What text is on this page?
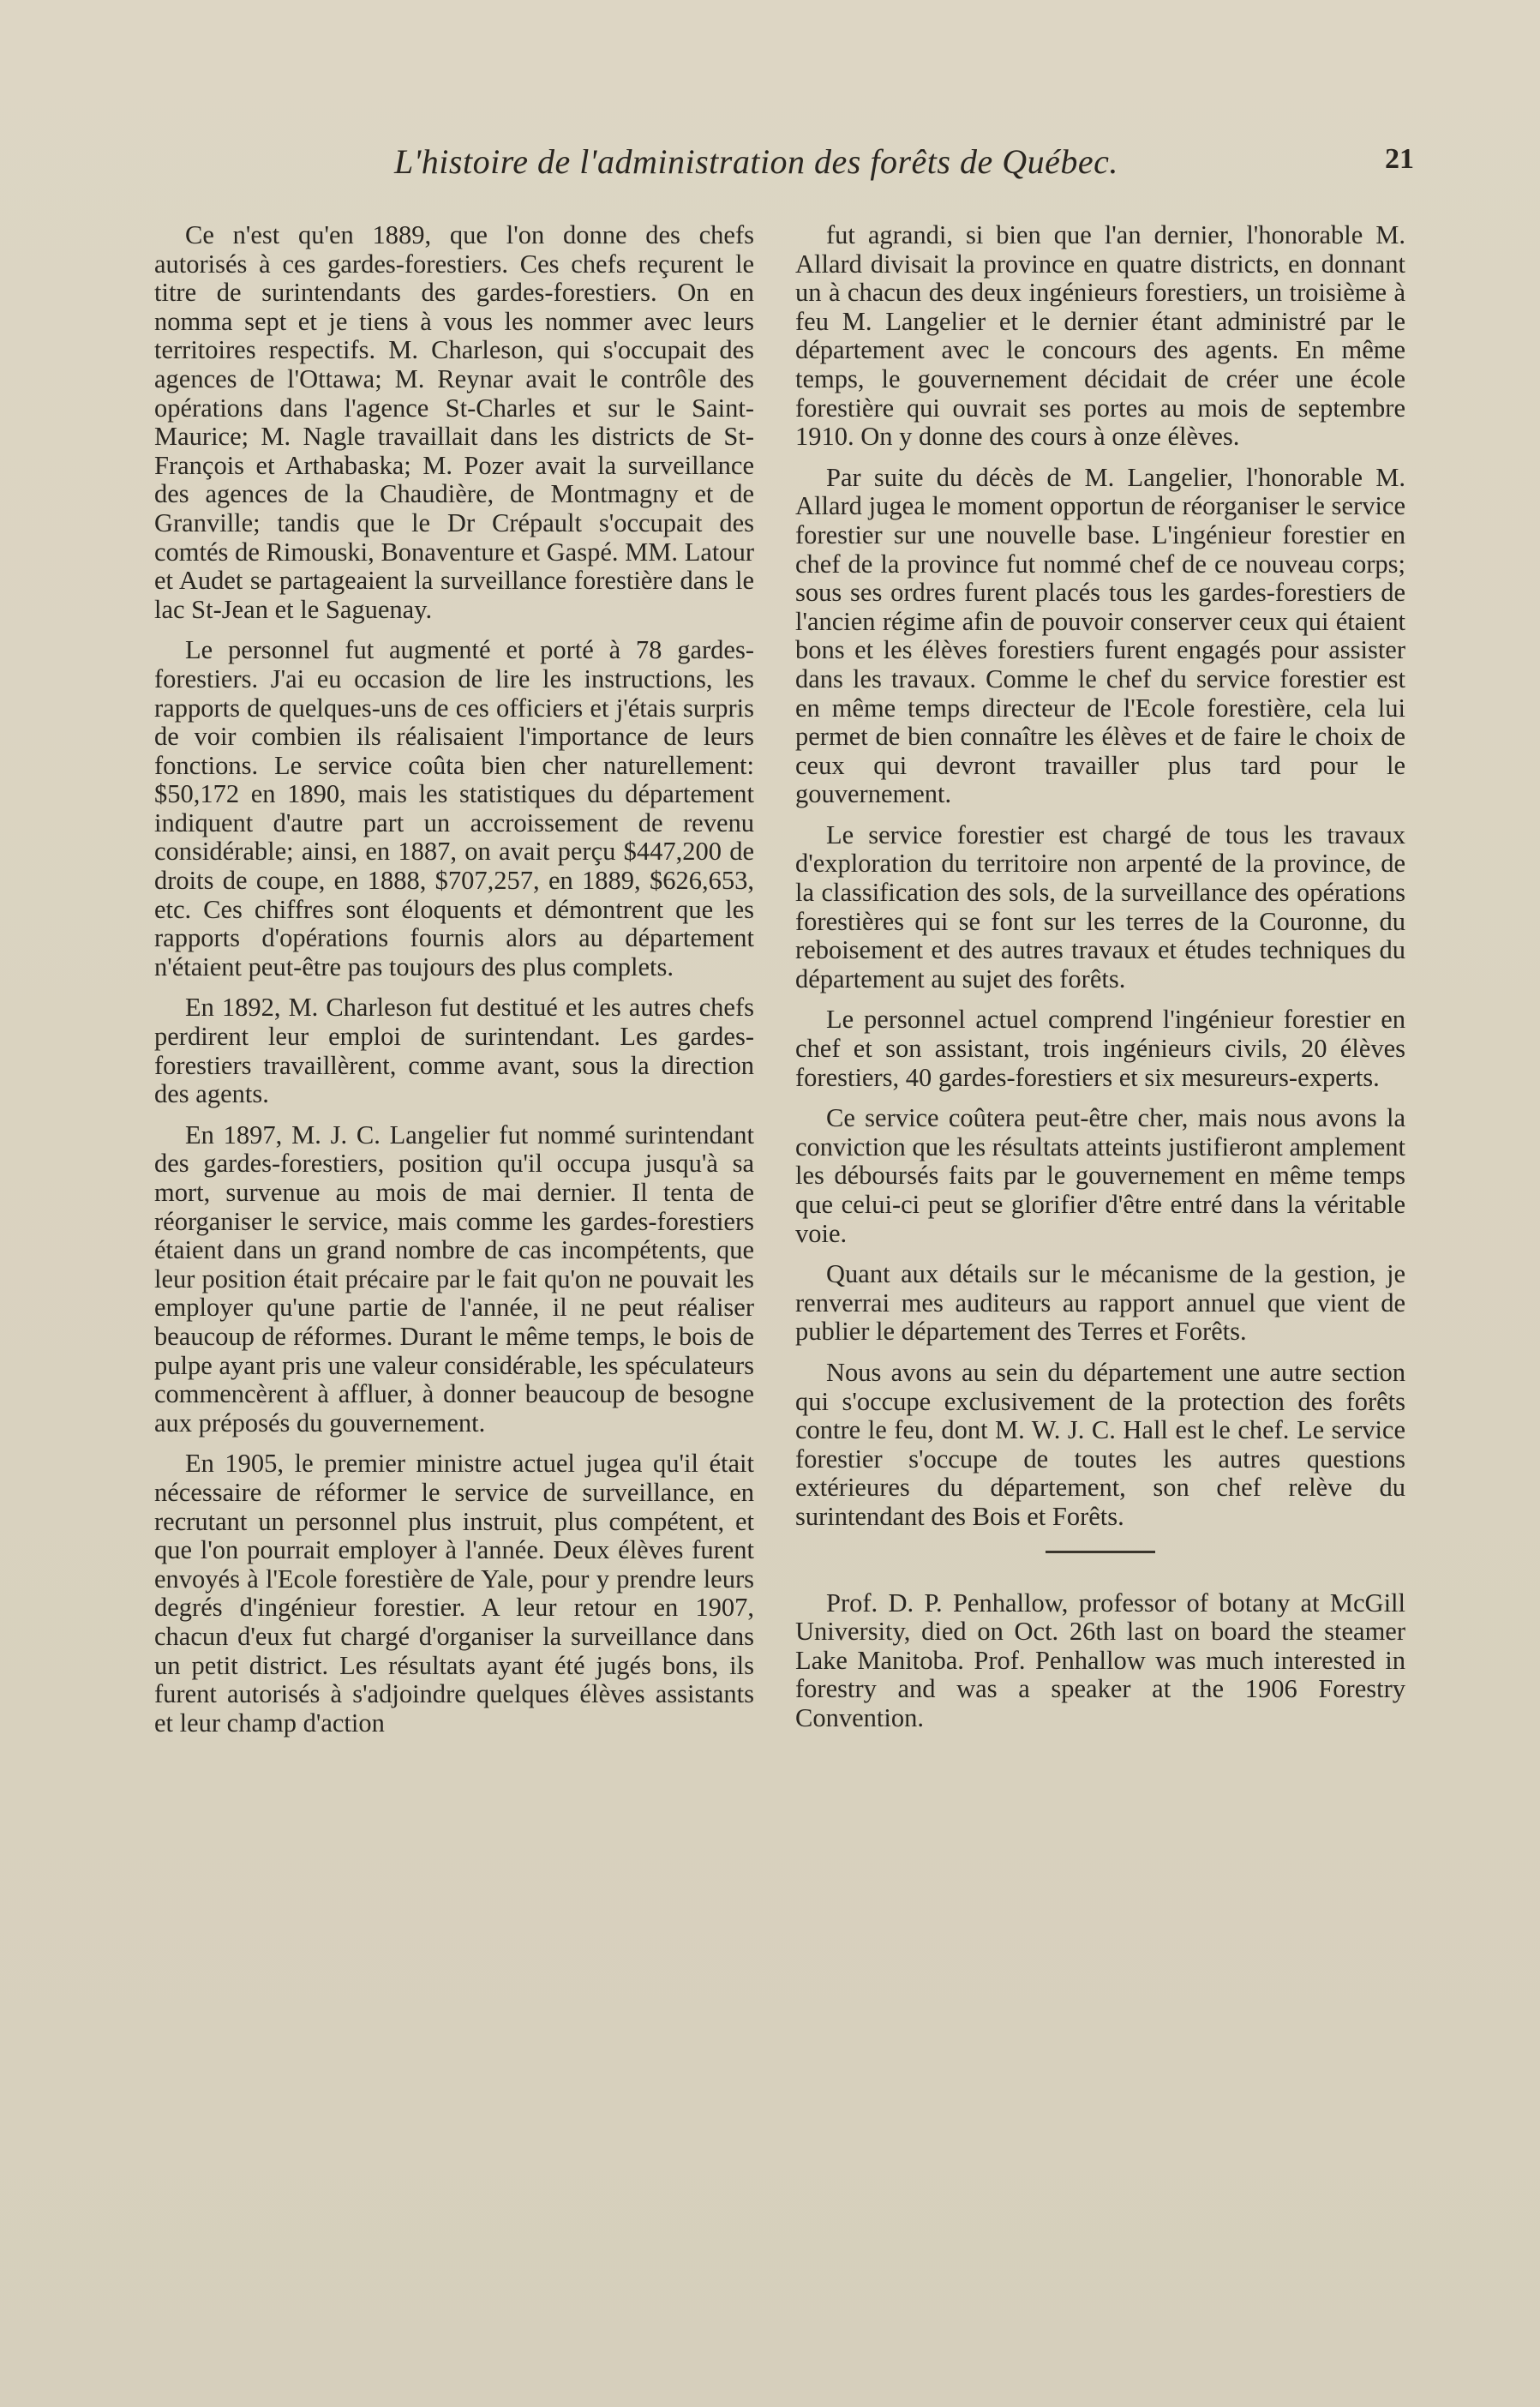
L'histoire de l'administration des forêts de Québec.	21

Ce n'est qu'en 1889, que l'on donne des chefs autorisés à ces gardes-forestiers. Ces chefs reçurent le titre de surintendants des gardes-forestiers. On en nomma sept et je tiens à vous les nommer avec leurs territoires respectifs. M. Charleson, qui s'occupait des agences de l'Ottawa; M. Reynar avait le contrôle des opérations dans l'agence St-Charles et sur le Saint-Maurice; M. Nagle travaillait dans les districts de St-François et Arthabaska; M. Pozer avait la surveillance des agences de la Chaudière, de Montmagny et de Granville; tandis que le Dr Crépault s'occupait des comtés de Rimouski, Bonaventure et Gaspé. MM. Latour et Audet se partageaient la surveillance forestière dans le lac St-Jean et le Saguenay.

Le personnel fut augmenté et porté à 78 gardes-forestiers. J'ai eu occasion de lire les instructions, les rapports de quelques-uns de ces officiers et j'étais surpris de voir combien ils réalisaient l'importance de leurs fonctions. Le service coûta bien cher naturellement: $50,172 en 1890, mais les statistiques du département indiquent d'autre part un accroissement de revenu considérable; ainsi, en 1887, on avait perçu $447,200 de droits de coupe, en 1888, $707,257, en 1889, $626,653, etc. Ces chiffres sont éloquents et démontrent que les rapports d'opérations fournis alors au département n'étaient peut-être pas toujours des plus complets.

En 1892, M. Charleson fut destitué et les autres chefs perdirent leur emploi de surintendant. Les gardes-forestiers travaillèrent, comme avant, sous la direction des agents.

En 1897, M. J. C. Langelier fut nommé surintendant des gardes-forestiers, position qu'il occupa jusqu'à sa mort, survenue au mois de mai dernier. Il tenta de réorganiser le service, mais comme les gardes-forestiers étaient dans un grand nombre de cas incompétents, que leur position était précaire par le fait qu'on ne pouvait les employer qu'une partie de l'année, il ne peut réaliser beaucoup de réformes. Durant le même temps, le bois de pulpe ayant pris une valeur considérable, les spéculateurs commencèrent à affluer, à donner beaucoup de besogne aux préposés du gouvernement.

En 1905, le premier ministre actuel jugea qu'il était nécessaire de réformer le service de surveillance, en recrutant un personnel plus instruit, plus compétent, et que l'on pourrait employer à l'année. Deux élèves furent envoyés à l'Ecole forestière de Yale, pour y prendre leurs degrés d'ingénieur forestier. A leur retour en 1907, chacun d'eux fut chargé d'organiser la surveillance dans un petit district. Les résultats ayant été jugés bons, ils furent autorisés à s'adjoindre quelques élèves assistants et leur champ d'action

fut agrandi, si bien que l'an dernier, l'honorable M. Allard divisait la province en quatre districts, en donnant un à chacun des deux ingénieurs forestiers, un troisième à feu M. Langelier et le dernier étant administré par le département avec le concours des agents. En même temps, le gouvernement décidait de créer une école forestière qui ouvrait ses portes au mois de septembre 1910. On y donne des cours à onze élèves.

Par suite du décès de M. Langelier, l'honorable M. Allard jugea le moment opportun de réorganiser le service forestier sur une nouvelle base. L'ingénieur forestier en chef de la province fut nommé chef de ce nouveau corps; sous ses ordres furent placés tous les gardes-forestiers de l'ancien régime afin de pouvoir conserver ceux qui étaient bons et les élèves forestiers furent engagés pour assister dans les travaux. Comme le chef du service forestier est en même temps directeur de l'Ecole forestière, cela lui permet de bien connaître les élèves et de faire le choix de ceux qui devront travailler plus tard pour le gouvernement.

Le service forestier est chargé de tous les travaux d'exploration du territoire non arpenté de la province, de la classification des sols, de la surveillance des opérations forestières qui se font sur les terres de la Couronne, du reboisement et des autres travaux et études techniques du département au sujet des forêts.

Le personnel actuel comprend l'ingénieur forestier en chef et son assistant, trois ingénieurs civils, 20 élèves forestiers, 40 gardes-forestiers et six mesureurs-experts.

Ce service coûtera peut-être cher, mais nous avons la conviction que les résultats atteints justifieront amplement les déboursés faits par le gouvernement en même temps que celui-ci peut se glorifier d'être entré dans la véritable voie.

Quant aux détails sur le mécanisme de la gestion, je renverrai mes auditeurs au rapport annuel que vient de publier le département des Terres et Forêts.

Nous avons au sein du département une autre section qui s'occupe exclusivement de la protection des forêts contre le feu, dont M. W. J. C. Hall est le chef. Le service forestier s'occupe de toutes les autres questions extérieures du département, son chef relève du surintendant des Bois et Forêts.

Prof. D. P. Penhallow, professor of botany at McGill University, died on Oct. 26th last on board the steamer Lake Manitoba. Prof. Penhallow was much interested in forestry and was a speaker at the 1906 Forestry Convention.
